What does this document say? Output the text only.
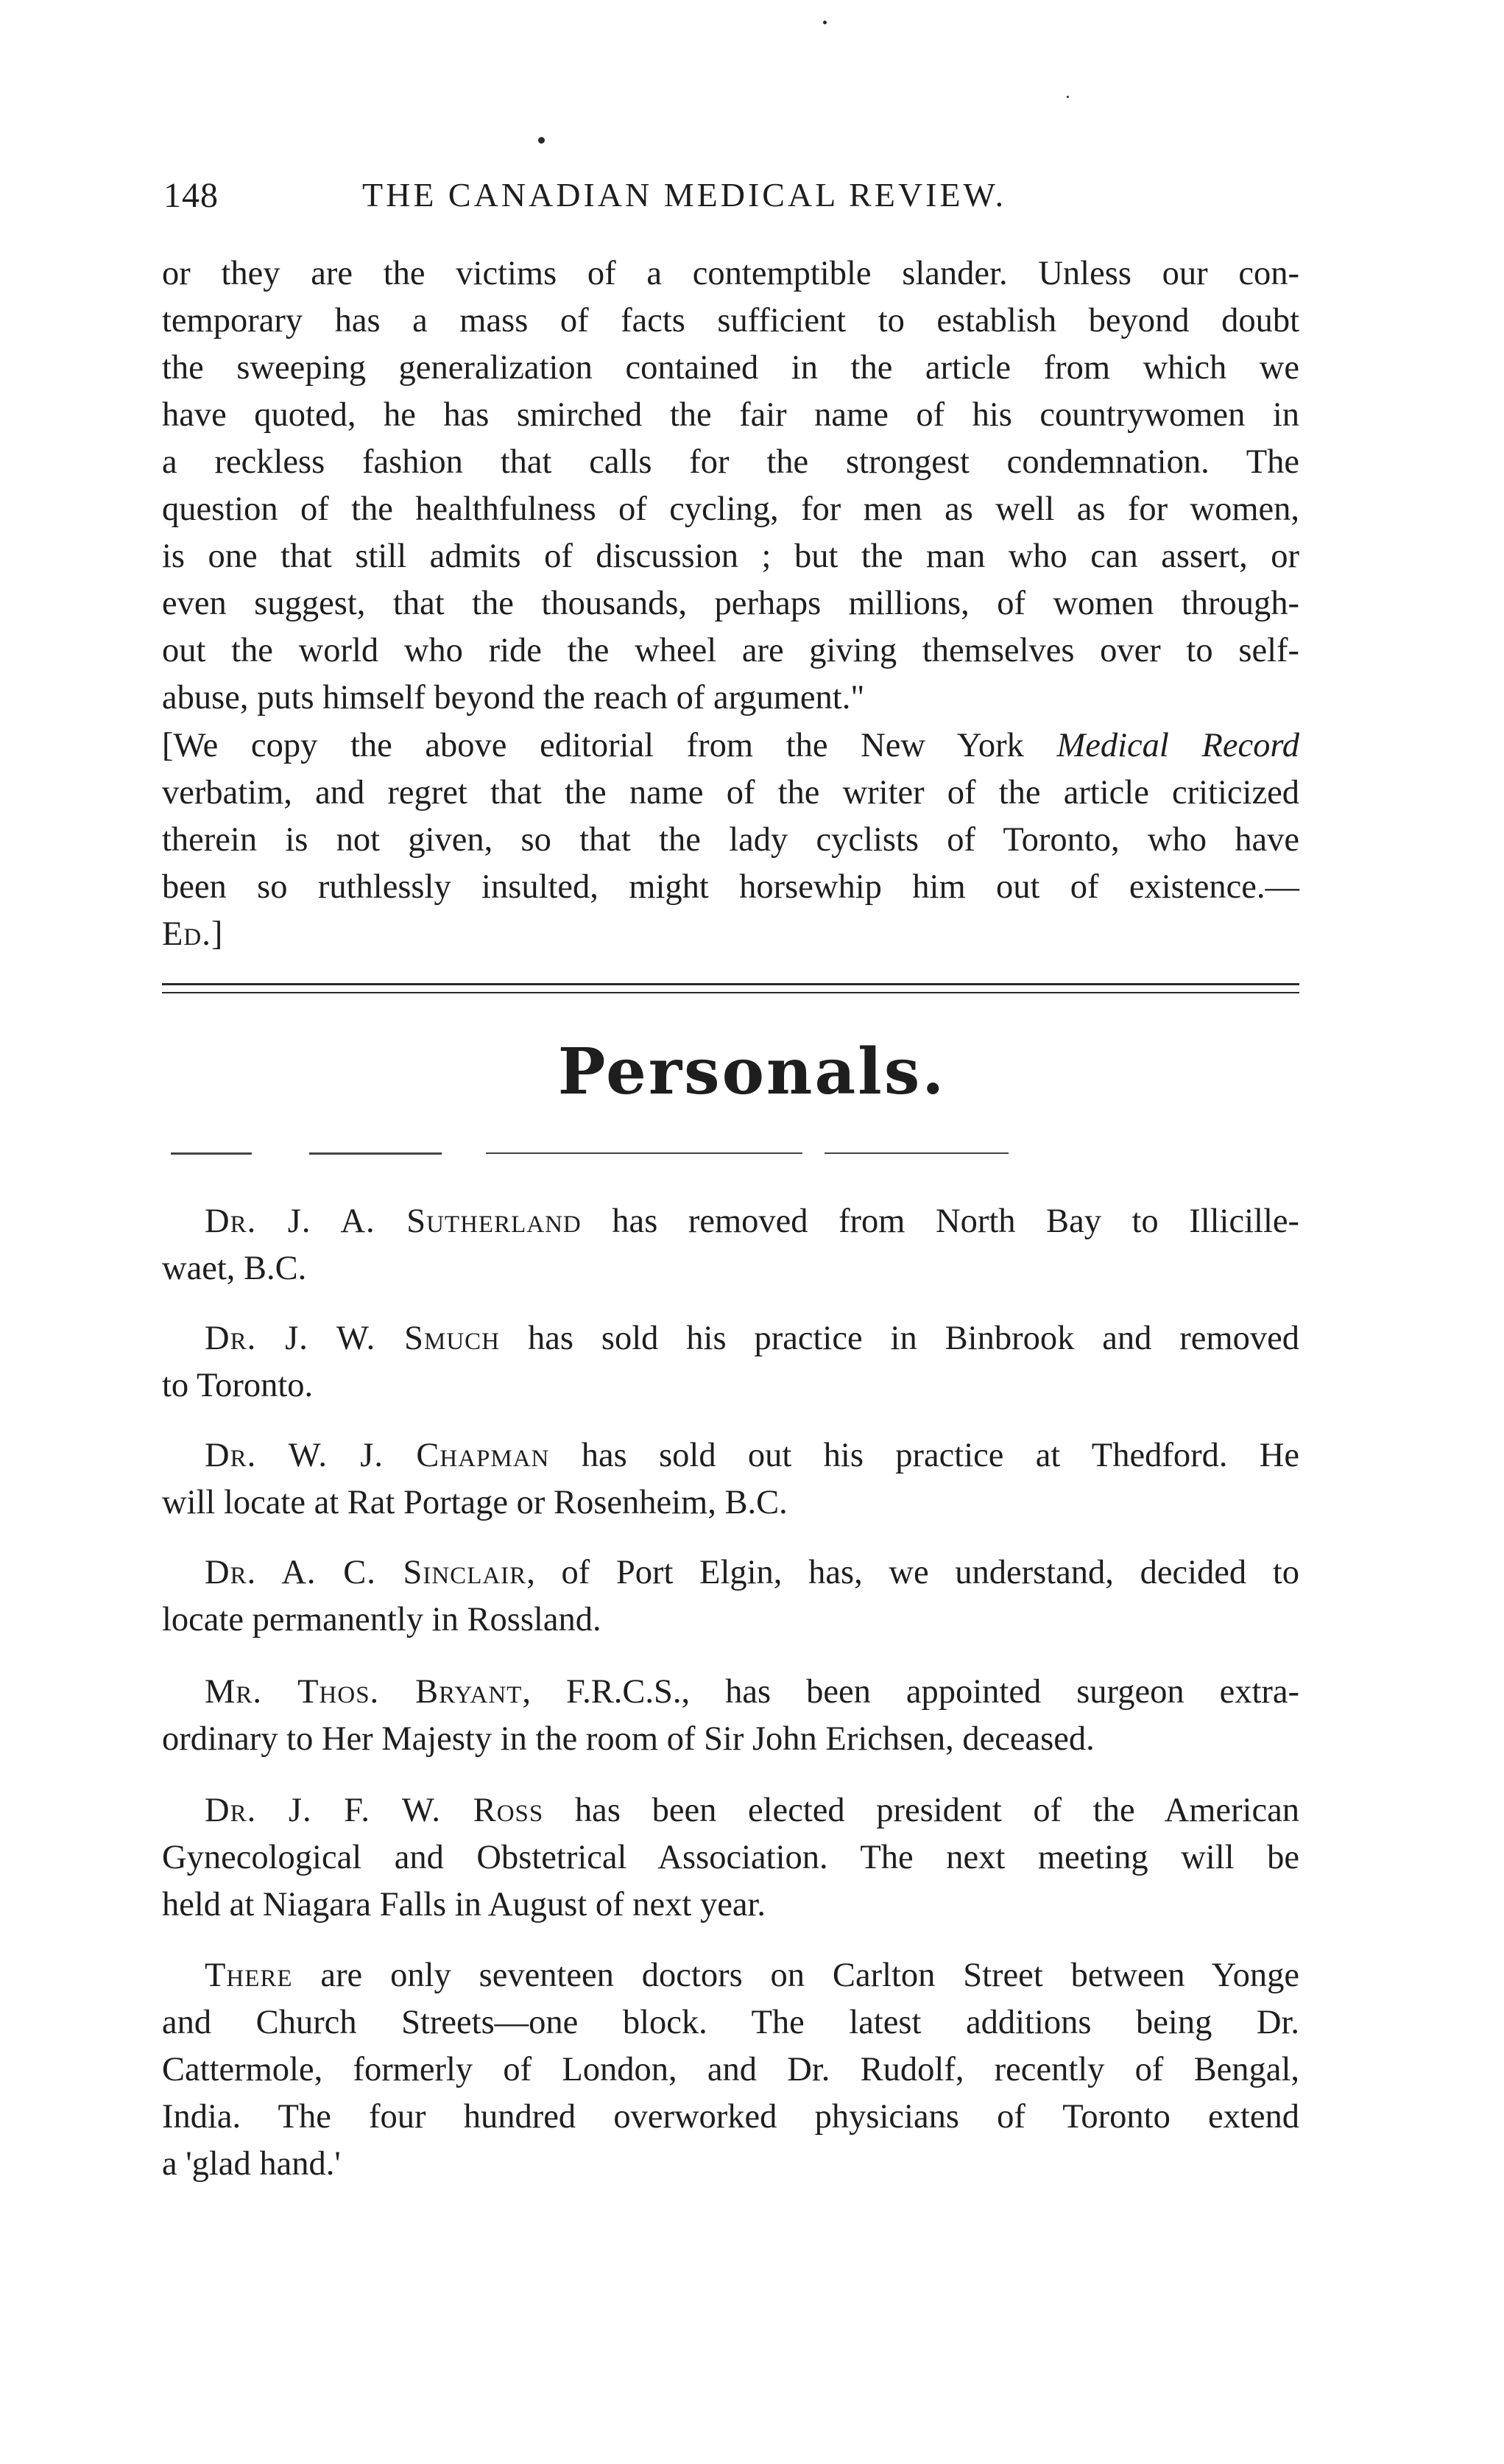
148	THE CANADIAN MEDICAL REVIEW.
or they are the victims of a contemptible slander. Unless our con-
temporary has a mass of facts sufficient to establish beyond doubt
the sweeping generalization contained in the article from which we
have quoted, he has smirched the fair name of his countrywomen in
a reckless fashion that calls for the strongest condemnation. The
question of the healthfulness of cycling, for men as well as for women,
is one that still admits of discussion ; but the man who can assert, or
even suggest, that the thousands, perhaps millions, of women through-
out the world who ride the wheel are giving themselves over to self-
abuse, puts himself beyond the reach of argument."
[We copy the above editorial from the New York Medical Record
verbatim, and regret that the name of the writer of the article criticized
therein is not given, so that the lady cyclists of Toronto, who have
been so ruthlessly insulted, might horsewhip him out of existence.—
Ed.]
Personals.
Dr. J. A. Sutherland has removed from North Bay to Illicille-
waet, B.C.
Dr. J. W. Smuch has sold his practice in Binbrook and removed
to Toronto.
Dr. W. J. Chapman has sold out his practice at Thedford. He
will locate at Rat Portage or Rosenheim, B.C.
Dr. A. C. Sinclair, of Port Elgin, has, we understand, decided to
locate permanently in Rossland.
Mr. Thos. Bryant, F.R.C.S., has been appointed surgeon extra-
ordinary to Her Majesty in the room of Sir John Erichsen, deceased.
Dr. J. F. W. Ross has been elected president of the American
Gynecological and Obstetrical Association. The next meeting will be
held at Niagara Falls in August of next year.
There are only seventeen doctors on Carlton Street between Yonge
and Church Streets—one block. The latest additions being Dr.
Cattermole, formerly of London, and Dr. Rudolf, recently of Bengal,
India. The four hundred overworked physicians of Toronto extend
a 'glad hand.'
